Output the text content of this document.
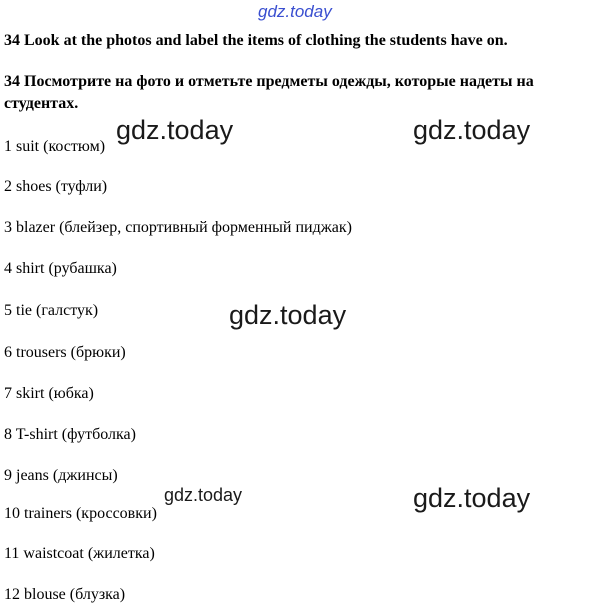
gdz.today
34 Look at the photos and label the items of clothing the students have on.
34 Посмотрите на фото и отметьте предметы одежды, которые надеты на студентах.
1 suit (костюм)
2 shoes (туфли)
3 blazer (блейзер, спортивный форменный пиджак)
4 shirt (рубашка)
5 tie (галстук)
6 trousers (брюки)
7 skirt (юбка)
8 T-shirt (футболка)
9 jeans (джинсы)
10 trainers (кроссовки)
11 waistcoat (жилетка)
12 blouse (блузка)
gdz.today	gdz.today
gdz.today
gdz.today	gdz.today
